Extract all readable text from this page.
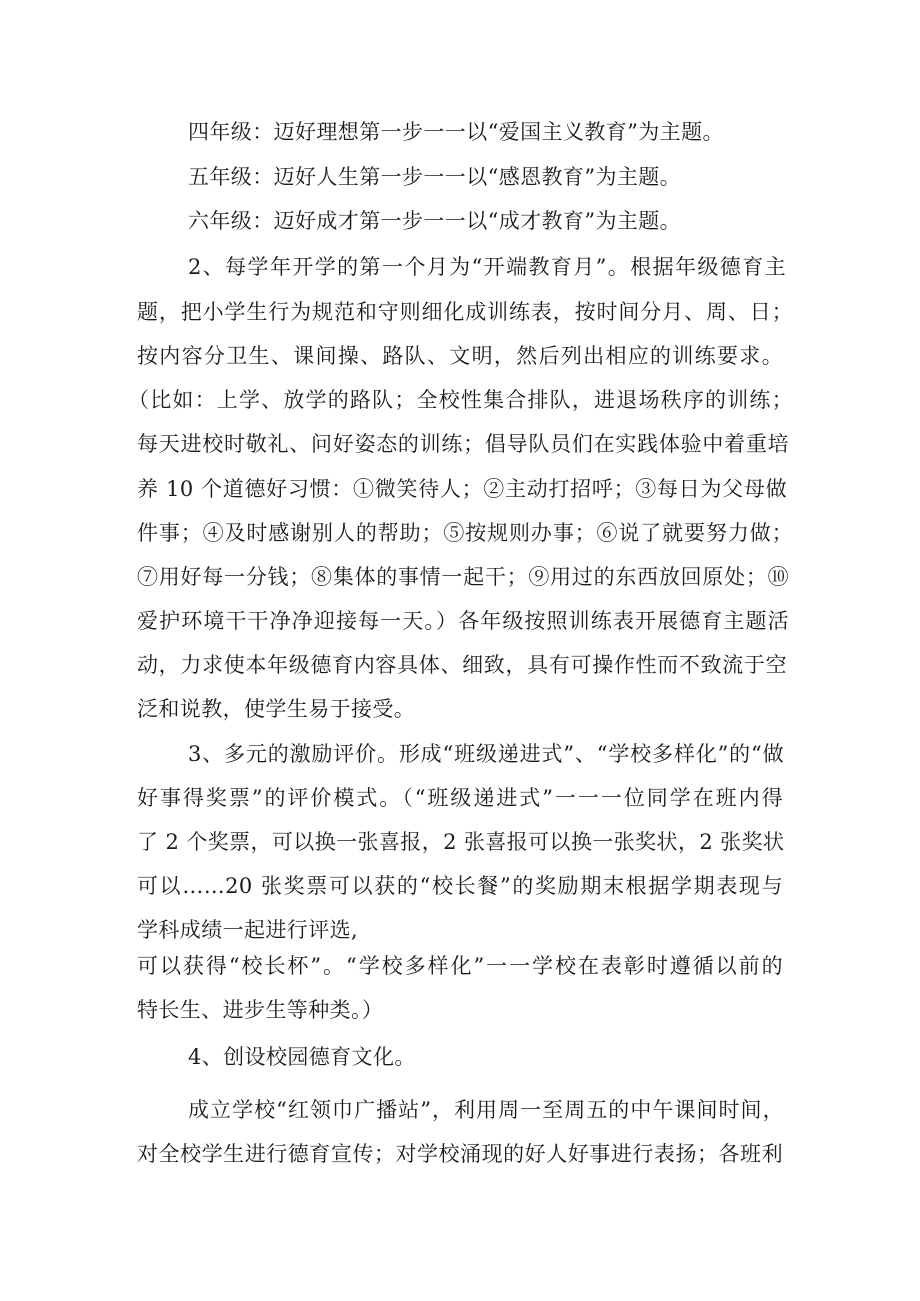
四年级：迈好理想第一步一一以“爱国主义教育”为主题。
五年级：迈好人生第一步一一以“感恩教育”为主题。
六年级：迈好成才第一步一一以“成才教育”为主题。
2、每学年开学的第一个月为“开端教育月”。根据年级德育主
题，把小学生行为规范和守则细化成训练表，按时间分月、周、日；
按内容分卫生、课间操、路队、文明，然后列出相应的训练要求。
（比如：上学、放学的路队；全校性集合排队，进退场秩序的训练；
每天进校时敬礼、问好姿态的训练；倡导队员们在实践体验中着重培
养 10 个道德好习惯：①微笑待人；②主动打招呼；③每日为父母做
件事；④及时感谢别人的帮助；⑤按规则办事；⑥说了就要努力做；
⑦用好每一分钱；⑧集体的事情一起干；⑨用过的东西放回原处；⑩
爱护环境干干净净迎接每一天。）各年级按照训练表开展德育主题活
动，力求使本年级德育内容具体、细致，具有可操作性而不致流于空
泛和说教，使学生易于接受。
3、多元的激励评价。形成“班级递进式”、“学校多样化”的“做
好事得奖票”的评价模式。（“班级递进式”一一一位同学在班内得
了 2 个奖票，可以换一张喜报，2 张喜报可以换一张奖状，2 张奖状
可以……20 张奖票可以获的“校长餐”的奖励期末根据学期表现与
学科成绩一起进行评选,
可以获得“校长杯”。“学校多样化”一一学校在表彰时遵循以前的
特长生、进步生等种类。）
4、创设校园德育文化。
成立学校“红领巾广播站”，利用周一至周五的中午课间时间，
对全校学生进行德育宣传；对学校涌现的好人好事进行表扬；各班利
